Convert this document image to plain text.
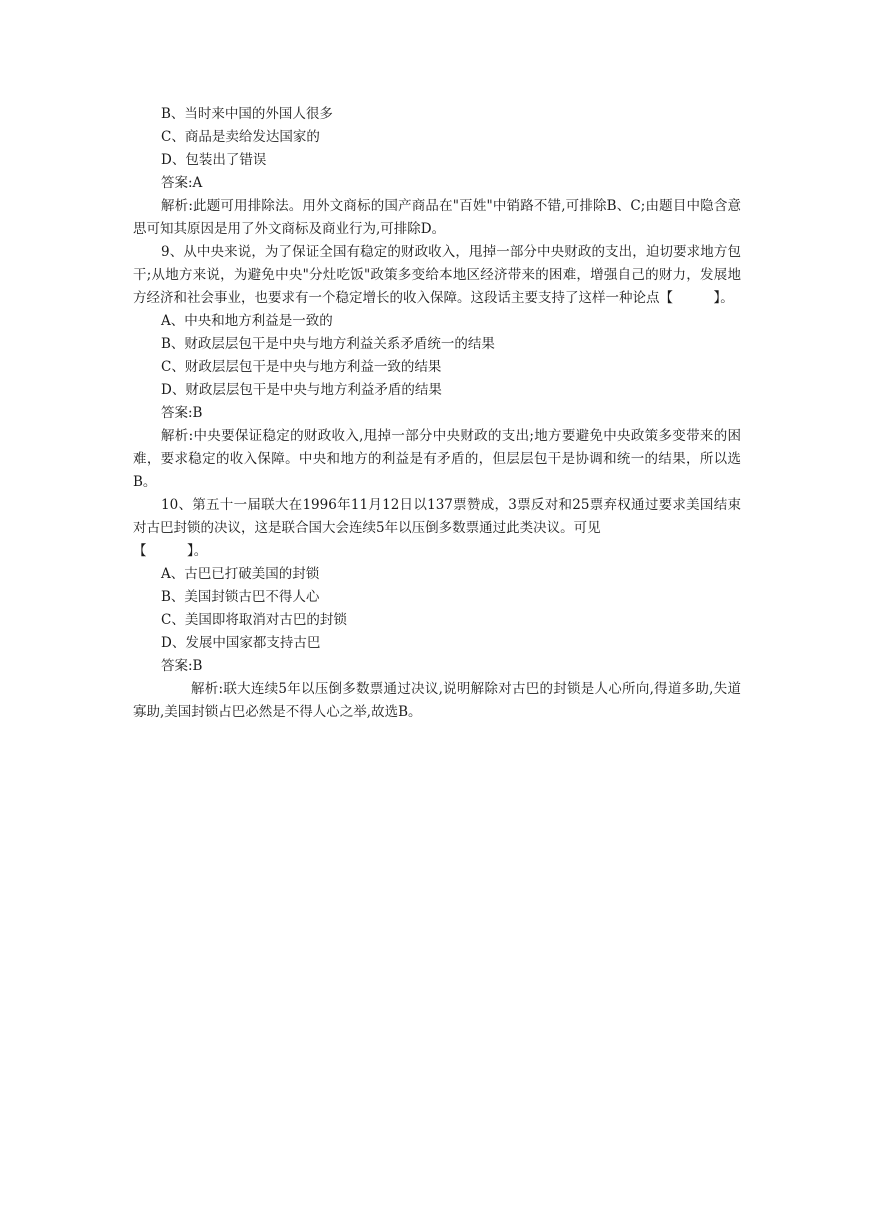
B、当时来中国的外国人很多

C、商品是卖给发达国家的

D、包装出了错误

答案:A

解析:此题可用排除法。用外文商标的国产商品在"百姓"中销路不错,可排除B、C;由题目中隐含意思可知其原因是用了外文商标及商业行为,可排除D。

9、从中央来说，为了保证全国有稳定的财政收入，甩掉一部分中央财政的支出，迫切要求地方包干;从地方来说，为避免中央"分灶吃饭"政策多变给本地区经济带来的困难，增强自己的财力，发展地方经济和社会事业，也要求有一个稳定增长的收入保障。这段话主要支持了这样一种论点【　　　】。

A、中央和地方利益是一致的

B、财政层层包干是中央与地方利益关系矛盾统一的结果

C、财政层层包干是中央与地方利益一致的结果

D、财政层层包干是中央与地方利益矛盾的结果

答案:B

解析:中央要保证稳定的财政收入,甩掉一部分中央财政的支出;地方要避免中央政策多变带来的困难，要求稳定的收入保障。中央和地方的利益是有矛盾的，但层层包干是协调和统一的结果，所以选B。

10、第五十一届联大在1996年11月12日以137票赞成，3票反对和25票弃权通过要求美国结束对古巴封锁的决议，这是联合国大会连续5年以压倒多数票通过此类决议。可见

【　　　】。

A、古巴已打破美国的封锁

B、美国封锁古巴不得人心

C、美国即将取消对古巴的封锁

D、发展中国家都支持古巴

答案:B

解析:联大连续5年以压倒多数票通过决议,说明解除对古巴的封锁是人心所向,得道多助,失道寡助,美国封锁占巴必然是不得人心之举,故选B。
